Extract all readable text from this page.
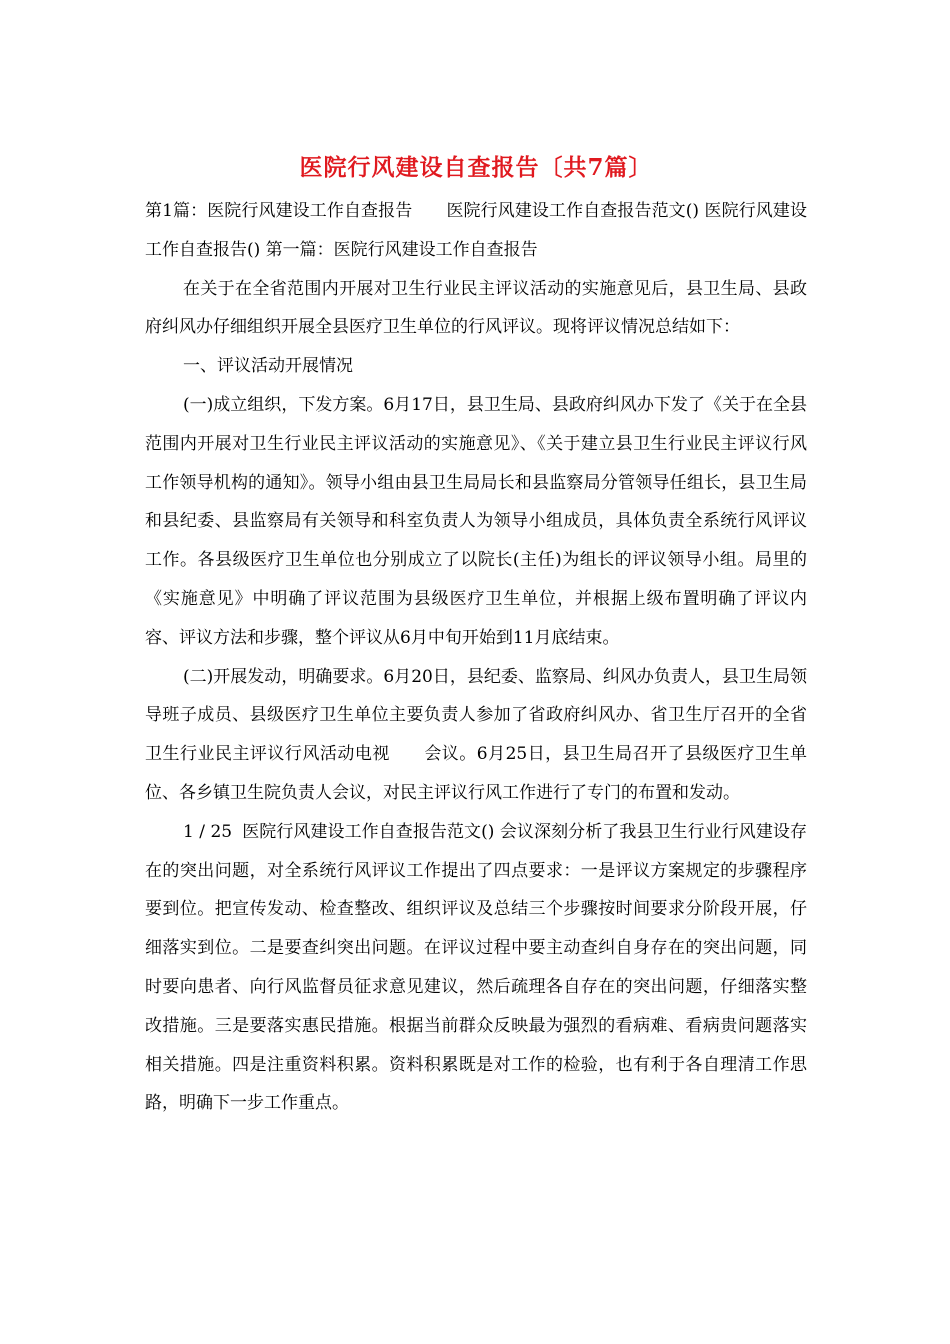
医院行风建设自查报告〔共7篇〕

第1篇：医院行风建设工作自查报告 医院行风建设工作自查报告范文() 医院行风建设工作自查报告() 第一篇：医院行风建设工作自查报告

在关于在全省范围内开展对卫生行业民主评议活动的实施意见后，县卫生局、县政府纠风办仔细组织开展全县医疗卫生单位的行风评议。现将评议情况总结如下：

一、评议活动开展情况

(一)成立组织，下发方案。6月17日，县卫生局、县政府纠风办下发了《关于在全县范围内开展对卫生行业民主评议活动的实施意见》、《关于建立县卫生行业民主评议行风工作领导机构的通知》。领导小组由县卫生局局长和县监察局分管领导任组长，县卫生局和县纪委、县监察局有关领导和科室负责人为领导小组成员，具体负责全系统行风评议工作。各县级医疗卫生单位也分别成立了以院长(主任)为组长的评议领导小组。局里的《实施意见》中明确了评议范围为县级医疗卫生单位，并根据上级布置明确了评议内容、评议方法和步骤，整个评议从6月中旬开始到11月底结束。

(二)开展发动，明确要求。6月20日，县纪委、监察局、纠风办负责人，县卫生局领导班子成员、县级医疗卫生单位主要负责人参加了省政府纠风办、省卫生厅召开的全省卫生行业民主评议行风活动电视 会议。6月25日，县卫生局召开了县级医疗卫生单位、各乡镇卫生院负责人会议，对民主评议行风工作进行了专门的布置和发动。

1 / 25 医院行风建设工作自查报告范文() 会议深刻分析了我县卫生行业行风建设存在的突出问题，对全系统行风评议工作提出了四点要求：一是评议方案规定的步骤程序要到位。把宣传发动、检查整改、组织评议及总结三个步骤按时间要求分阶段开展，仔细落实到位。二是要查纠突出问题。在评议过程中要主动查纠自身存在的突出问题，同时要向患者、向行风监督员征求意见建议，然后疏理各自存在的突出问题，仔细落实整改措施。三是要落实惠民措施。根据当前群众反映最为强烈的看病难、看病贵问题落实相关措施。四是注重资料积累。资料积累既是对工作的检验，也有利于各自理清工作思路，明确下一步工作重点。
